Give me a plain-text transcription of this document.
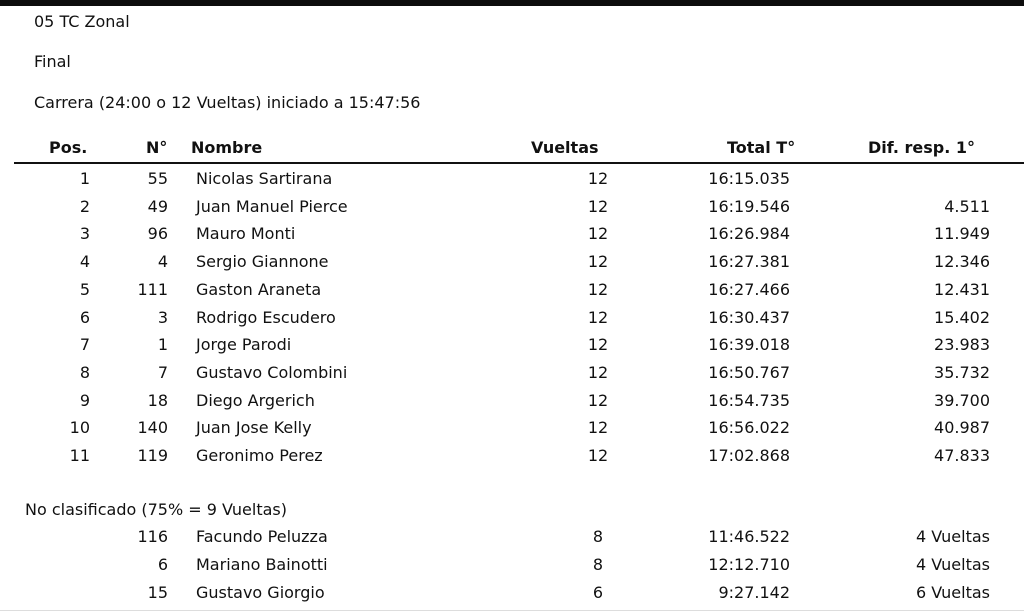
05 TC Zonal
Final
Carrera (24:00 o 12 Vueltas) iniciado a 15:47:56
Pos.	N° Nombre	Vueltas	Total T°	Dif. resp. 1°
1	55 Nicolas Sartirana	12	16:15.035
2	49 Juan Manuel Pierce	12	16:19.546	4.511
3	96 Mauro Monti	12	16:26.984	11.949
4	4 Sergio Giannone	12	16:27.381	12.346
5	111 Gaston Araneta	12	16:27.466	12.431
6	3 Rodrigo Escudero	12	16:30.437	15.402
7	1 Jorge Parodi	12	16:39.018	23.983
8	7 Gustavo Colombini	12	16:50.767	35.732
9	18 Diego Argerich	12	16:54.735	39.700
10	140 Juan Jose Kelly	12	16:56.022	40.987
11	119 Geronimo Perez	12	17:02.868	47.833
No clasificado (75% = 9 Vueltas)
116 Facundo Peluzza	8	11:46.522	4 Vueltas
6 Mariano Bainotti	8	12:12.710	4 Vueltas
15 Gustavo Giorgio	6	9:27.142	6 Vueltas
